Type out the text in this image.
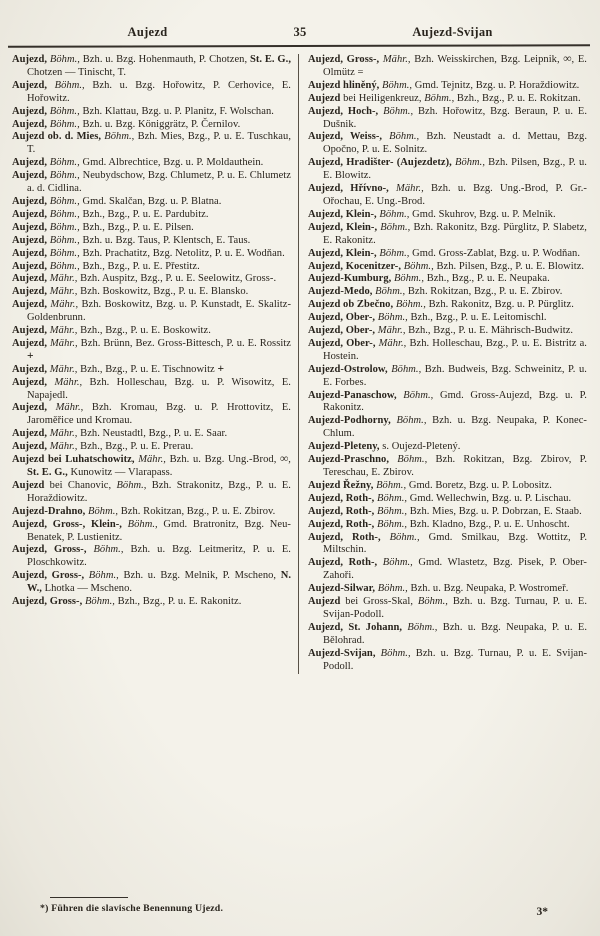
Aujezd	35	Aujezd-Svijan

Aujezd, Böhm., Bzh. u. Bzg. Hohenmauth, P. Chotzen, St. E. G., Chotzen — Tinischt, T.

Aujezd, Böhm., Bzh. u. Bzg. Hořowitz, P. Cerhovice, E. Hořowitz.

Aujezd, Böhm., Bzh. Klattau, Bzg. u. P. Planitz, F. Wolschan.

Aujezd, Böhm., Bzh. u. Bzg. Königgrätz, P. Černilov.

Aujezd ob. d. Mies, Böhm., Bzh. Mies, Bzg., P. u. E. Tuschkau, T.

Aujezd, Böhm., Gmd. Albrechtice, Bzg. u. P. Moldauthein.

Aujezd, Böhm., Neubydschow, Bzg. Chlumetz, P. u. E. Chlumetz a. d. Cidlina.

Aujezd, Böhm., Gmd. Skalčan, Bzg. u. P. Blatna.

Aujezd, Böhm., Bzh., Bzg., P. u. E. Pardubitz.

Aujezd, Böhm., Bzh., Bzg., P. u. E. Pilsen.

Aujezd, Böhm., Bzh. u. Bzg. Taus, P. Klentsch, E. Taus.

Aujezd, Böhm., Bzh. Prachatitz, Bzg. Netolitz, P. u. E. Wodňan.

Aujezd, Böhm., Bzh., Bzg., P. u. E. Přestitz.

Aujezd, Mähr., Bzh. Auspitz, Bzg., P. u. E. Seelowitz, Gross-.

Aujezd, Mähr., Bzh. Boskowitz, Bzg., P. u. E. Blansko.

Aujezd, Mähr., Bzh. Boskowitz, Bzg. u. P. Kunstadt, E. Skalitz-Goldenbrunn.

Aujezd, Mähr., Bzh., Bzg., P. u. E. Boskowitz.

Aujezd, Mähr., Bzh. Brünn, Bez. Gross-Bittesch, P. u. E. Rossitz +

Aujezd, Mähr., Bzh., Bzg., P. u. E. Tischnowitz +

Aujezd, Mähr., Bzh. Holleschau, Bzg. u. P. Wisowitz, E. Napajedl.

Aujezd, Mähr., Bzh. Kromau, Bzg. u. P. Hrottovitz, E. Jaroměřice und Kromau.

Aujezd, Mähr., Bzh. Neustadtl, Bzg., P. u. E. Saar.

Aujezd, Mähr., Bzh., Bzg., P. u. E. Prerau.

Aujezd bei Luhatschowitz, Mähr., Bzh. u. Bzg. Ung.-Brod, ∞, St. E. G., Kunowitz — Vlarapass.

Aujezd bei Chanovic, Böhm., Bzh. Strakonitz, Bzg., P. u. E. Horaždiowitz.

Aujezd-Drahno, Böhm., Bzh. Rokitzan, Bzg., P. u. E. Zbirov.

Aujezd, Gross-, Klein-, Böhm., Gmd. Bratronitz, Bzg. Neu-Benatek, P. Lustienitz.

Aujezd, Gross-, Böhm., Bzh. u. Bzg. Leitmeritz, P. u. E. Ploschkowitz.

Aujezd, Gross-, Böhm., Bzh. u. Bzg. Melnik, P. Mscheno, N. W., Lhotka — Mscheno.

Aujezd, Gross-, Böhm., Bzh., Bzg., P. u. E. Rakonitz.

Aujezd, Gross-, Mähr., Bzh. Weisskirchen, Bzg. Leipnik, ∞, E. Olmütz =

Aujezd hliněný, Böhm., Gmd. Tejnitz, Bzg. u. P. Horaždiowitz.

Aujezd bei Heiligenkreuz, Böhm., Bzh., Bzg., P. u. E. Rokitzan.

Aujezd, Hoch-, Böhm., Bzh. Hořowitz, Bzg. Beraun, P. u. E. Dušnik.

Aujezd, Weiss-, Böhm., Bzh. Neustadt a. d. Mettau, Bzg. Opočno, P. u. E. Solnitz.

Aujezd, Hradišter- (Aujezdetz), Böhm., Bzh. Pilsen, Bzg., P. u. E. Blowitz.

Aujezd, Hřívno-, Mähr., Bzh. u. Bzg. Ung.-Brod, P. Gr.-Ořochau, E. Ung.-Brod.

Aujezd, Klein-, Böhm., Gmd. Skuhrov, Bzg. u. P. Melnik.

Aujezd, Klein-, Böhm., Bzh. Rakonitz, Bzg. Pürglitz, P. Slabetz, E. Rakonitz.

Aujezd, Klein-, Böhm., Gmd. Gross-Zablat, Bzg. u. P. Wodňan.

Aujezd, Kocenitzer-, Böhm., Bzh. Pilsen, Bzg., P. u. E. Blowitz.

Aujezd-Kumburg, Böhm., Bzh., Bzg., P. u. E. Neupaka.

Aujezd-Medo, Böhm., Bzh. Rokitzan, Bzg., P. u. E. Zbirov.

Aujezd ob Zbečno, Böhm., Bzh. Rakonitz, Bzg. u. P. Pürglitz.

Aujezd, Ober-, Böhm., Bzh., Bzg., P. u. E. Leitomischl.

Aujezd, Ober-, Mähr., Bzh., Bzg., P. u. E. Mährisch-Budwitz.

Aujezd, Ober-, Mähr., Bzh. Holleschau, Bzg., P. u. E. Bistritz a. Hostein.

Aujezd-Ostrolow, Böhm., Bzh. Budweis, Bzg. Schweinitz, P. u. E. Forbes.

Aujezd-Panaschow, Böhm., Gmd. Gross-Aujezd, Bzg. u. P. Rakonitz.

Aujezd-Podhorny, Böhm., Bzh. u. Bzg. Neupaka, P. Konec-Chlum.

Aujezd-Pleteny, s. Oujezd-Pletený.

Aujezd-Praschno, Böhm., Bzh. Rokitzan, Bzg. Zbirov, P. Tereschau, E. Zbirov.

Aujezd Řežny, Böhm., Gmd. Boretz, Bzg. u. P. Lobositz.

Aujezd, Roth-, Böhm., Gmd. Wellechwin, Bzg. u. P. Lischau.

Aujezd, Roth-, Böhm., Bzh. Mies, Bzg. u. P. Dobrzan, E. Staab.

Aujezd, Roth-, Böhm., Bzh. Kladno, Bzg., P. u. E. Unhoscht.

Aujezd, Roth-, Böhm., Gmd. Smilkau, Bzg. Wottitz, P. Miltschin.

Aujezd, Roth-, Böhm., Gmd. Wlastetz, Bzg. Pisek, P. Ober-Zahoři.

Aujezd-Silwar, Böhm., Bzh. u. Bzg. Neupaka, P. Wostromeř.

Aujezd bei Gross-Skal, Böhm., Bzh. u. Bzg. Turnau, P. u. E. Svijan-Podoll.

Aujezd, St. Johann, Böhm., Bzh. u. Bzg. Neupaka, P. u. E. Bělohrad.

Aujezd-Svijan, Böhm., Bzh. u. Bzg. Turnau, P. u. E. Svijan-Podoll.

*) Führen die slavische Benennung Ujezd.	3*
